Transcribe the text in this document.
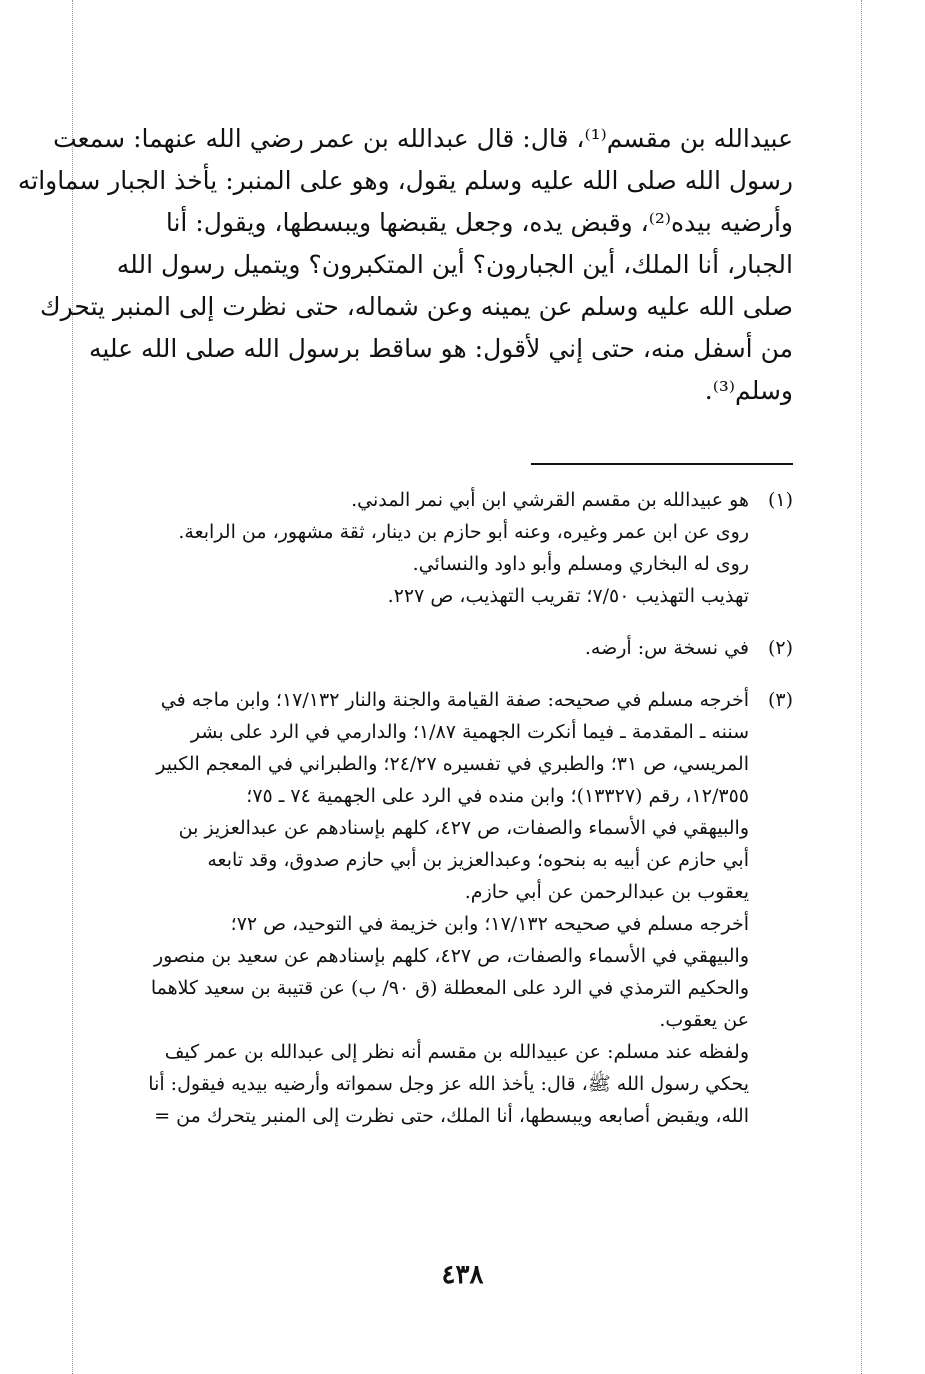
عبيدالله بن مقسم⁽¹⁾، قال: قال عبدالله بن عمر رضي الله عنهما: سمعت
رسول الله صلى الله عليه وسلم يقول، وهو على المنبر: يأخذ الجبار سماواته
وأرضيه بيده⁽²⁾، وقبض يده، وجعل يقبضها ويبسطها، ويقول: أنا
الجبار، أنا الملك، أين الجبارون؟ أين المتكبرون؟ ويتميل رسول الله
صلى الله عليه وسلم عن يمينه وعن شماله، حتى نظرت إلى المنبر يتحرك
من أسفل منه، حتى إني لأقول: هو ساقط برسول الله صلى الله عليه
وسلم⁽³⁾.
(١)
هو عبيدالله بن مقسم القرشي ابن أبي نمر المدني.
روى عن ابن عمر وغيره، وعنه أبو حازم بن دينار، ثقة مشهور، من الرابعة.
روى له البخاري ومسلم وأبو داود والنسائي.
تهذيب التهذيب ٧/٥٠؛ تقريب التهذيب، ص ٢٢٧.
(٢)
في نسخة س: أرضه.
(٣)
أخرجه مسلم في صحيحه: صفة القيامة والجنة والنار ١٧/١٣٢؛ وابن ماجه في
سننه ـ المقدمة ـ فيما أنكرت الجهمية ١/٨٧؛ والدارمي في الرد على بشر
المريسي، ص ٣١؛ والطبري في تفسيره ٢٤/٢٧؛ والطبراني في المعجم الكبير
١٢/٣٥٥، رقم (١٣٣٢٧)؛ وابن منده في الرد على الجهمية ٧٤ ـ ٧٥؛
والبيهقي في الأسماء والصفات، ص ٤٢٧، كلهم بإسنادهم عن عبدالعزيز بن
أبي حازم عن أبيه به بنحوه؛ وعبدالعزيز بن أبي حازم صدوق، وقد تابعه
يعقوب بن عبدالرحمن عن أبي حازم.
أخرجه مسلم في صحيحه ١٧/١٣٢؛ وابن خزيمة في التوحيد، ص ٧٢؛
والبيهقي في الأسماء والصفات، ص ٤٢٧، كلهم بإسنادهم عن سعيد بن منصور
والحكيم الترمذي في الرد على المعطلة (ق ٩٠/ ب) عن قتيبة بن سعيد كلاهما
عن يعقوب.
ولفظه عند مسلم: عن عبيدالله بن مقسم أنه نظر إلى عبدالله بن عمر كيف
يحكي رسول الله ﷺ، قال: يأخذ الله عز وجل سمواته وأرضيه بيديه فيقول: أنا
الله، ويقبض أصابعه ويبسطها، أنا الملك، حتى نظرت إلى المنبر يتحرك من =
٤٣٨
